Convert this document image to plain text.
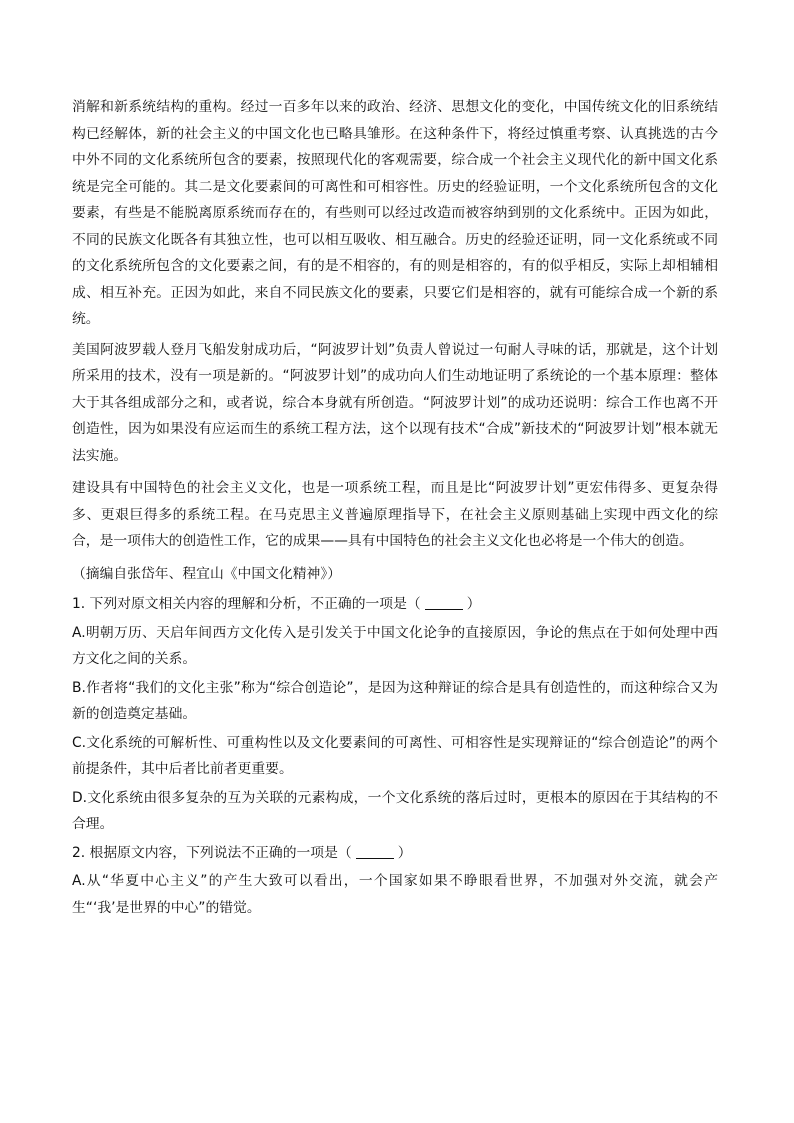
消解和新系统结构的重构。经过一百多年以来的政治、经济、思想文化的变化，中国传统文化的旧系统结构已经解体，新的社会主义的中国文化也已略具雏形。在这种条件下，将经过慎重考察、认真挑选的古今中外不同的文化系统所包含的要素，按照现代化的客观需要，综合成一个社会主义现代化的新中国文化系统是完全可能的。其二是文化要素间的可离性和可相容性。历史的经验证明，一个文化系统所包含的文化要素，有些是不能脱离原系统而存在的，有些则可以经过改造而被容纳到别的文化系统中。正因为如此，不同的民族文化既各有其独立性，也可以相互吸收、相互融合。历史的经验还证明，同一文化系统或不同的文化系统所包含的文化要素之间，有的是不相容的，有的则是相容的，有的似乎相反，实际上却相辅相成、相互补充。正因为如此，来自不同民族文化的要素，只要它们是相容的，就有可能综合成一个新的系统。

美国阿波罗载人登月飞船发射成功后，“阿波罗计划”负责人曾说过一句耐人寻味的话，那就是，这个计划所采用的技术，没有一项是新的。“阿波罗计划”的成功向人们生动地证明了系统论的一个基本原理：整体大于其各组成部分之和，或者说，综合本身就有所创造。“阿波罗计划”的成功还说明：综合工作也离不开创造性，因为如果没有应运而生的系统工程方法，这个以现有技术“合成”新技术的“阿波罗计划”根本就无法实施。

建设具有中国特色的社会主义文化，也是一项系统工程，而且是比“阿波罗计划”更宏伟得多、更复杂得多、更艰巨得多的系统工程。在马克思主义普遍原理指导下，在社会主义原则基础上实现中西文化的综合，是一项伟大的创造性工作，它的成果——具有中国特色的社会主义文化也必将是一个伟大的创造。

（摘编自张岱年、程宜山《中国文化精神》）

1. 下列对原文相关内容的理解和分析，不正确的一项是（	）

A.明朝万历、天启年间西方文化传入是引发关于中国文化论争的直接原因，争论的焦点在于如何处理中西方文化之间的关系。

B.作者将“我们的文化主张”称为“综合创造论”，是因为这种辩证的综合是具有创造性的，而这种综合又为新的创造奠定基础。

C.文化系统的可解析性、可重构性以及文化要素间的可离性、可相容性是实现辩证的“综合创造论”的两个前提条件，其中后者比前者更重要。

D.文化系统由很多复杂的互为关联的元素构成，一个文化系统的落后过时，更根本的原因在于其结构的不合理。

2. 根据原文内容，下列说法不正确的一项是（	）

A.从“华夏中心主义”的产生大致可以看出，一个国家如果不睁眼看世界，不加强对外交流，就会产生“‘我’是世界的中心”的错觉。
